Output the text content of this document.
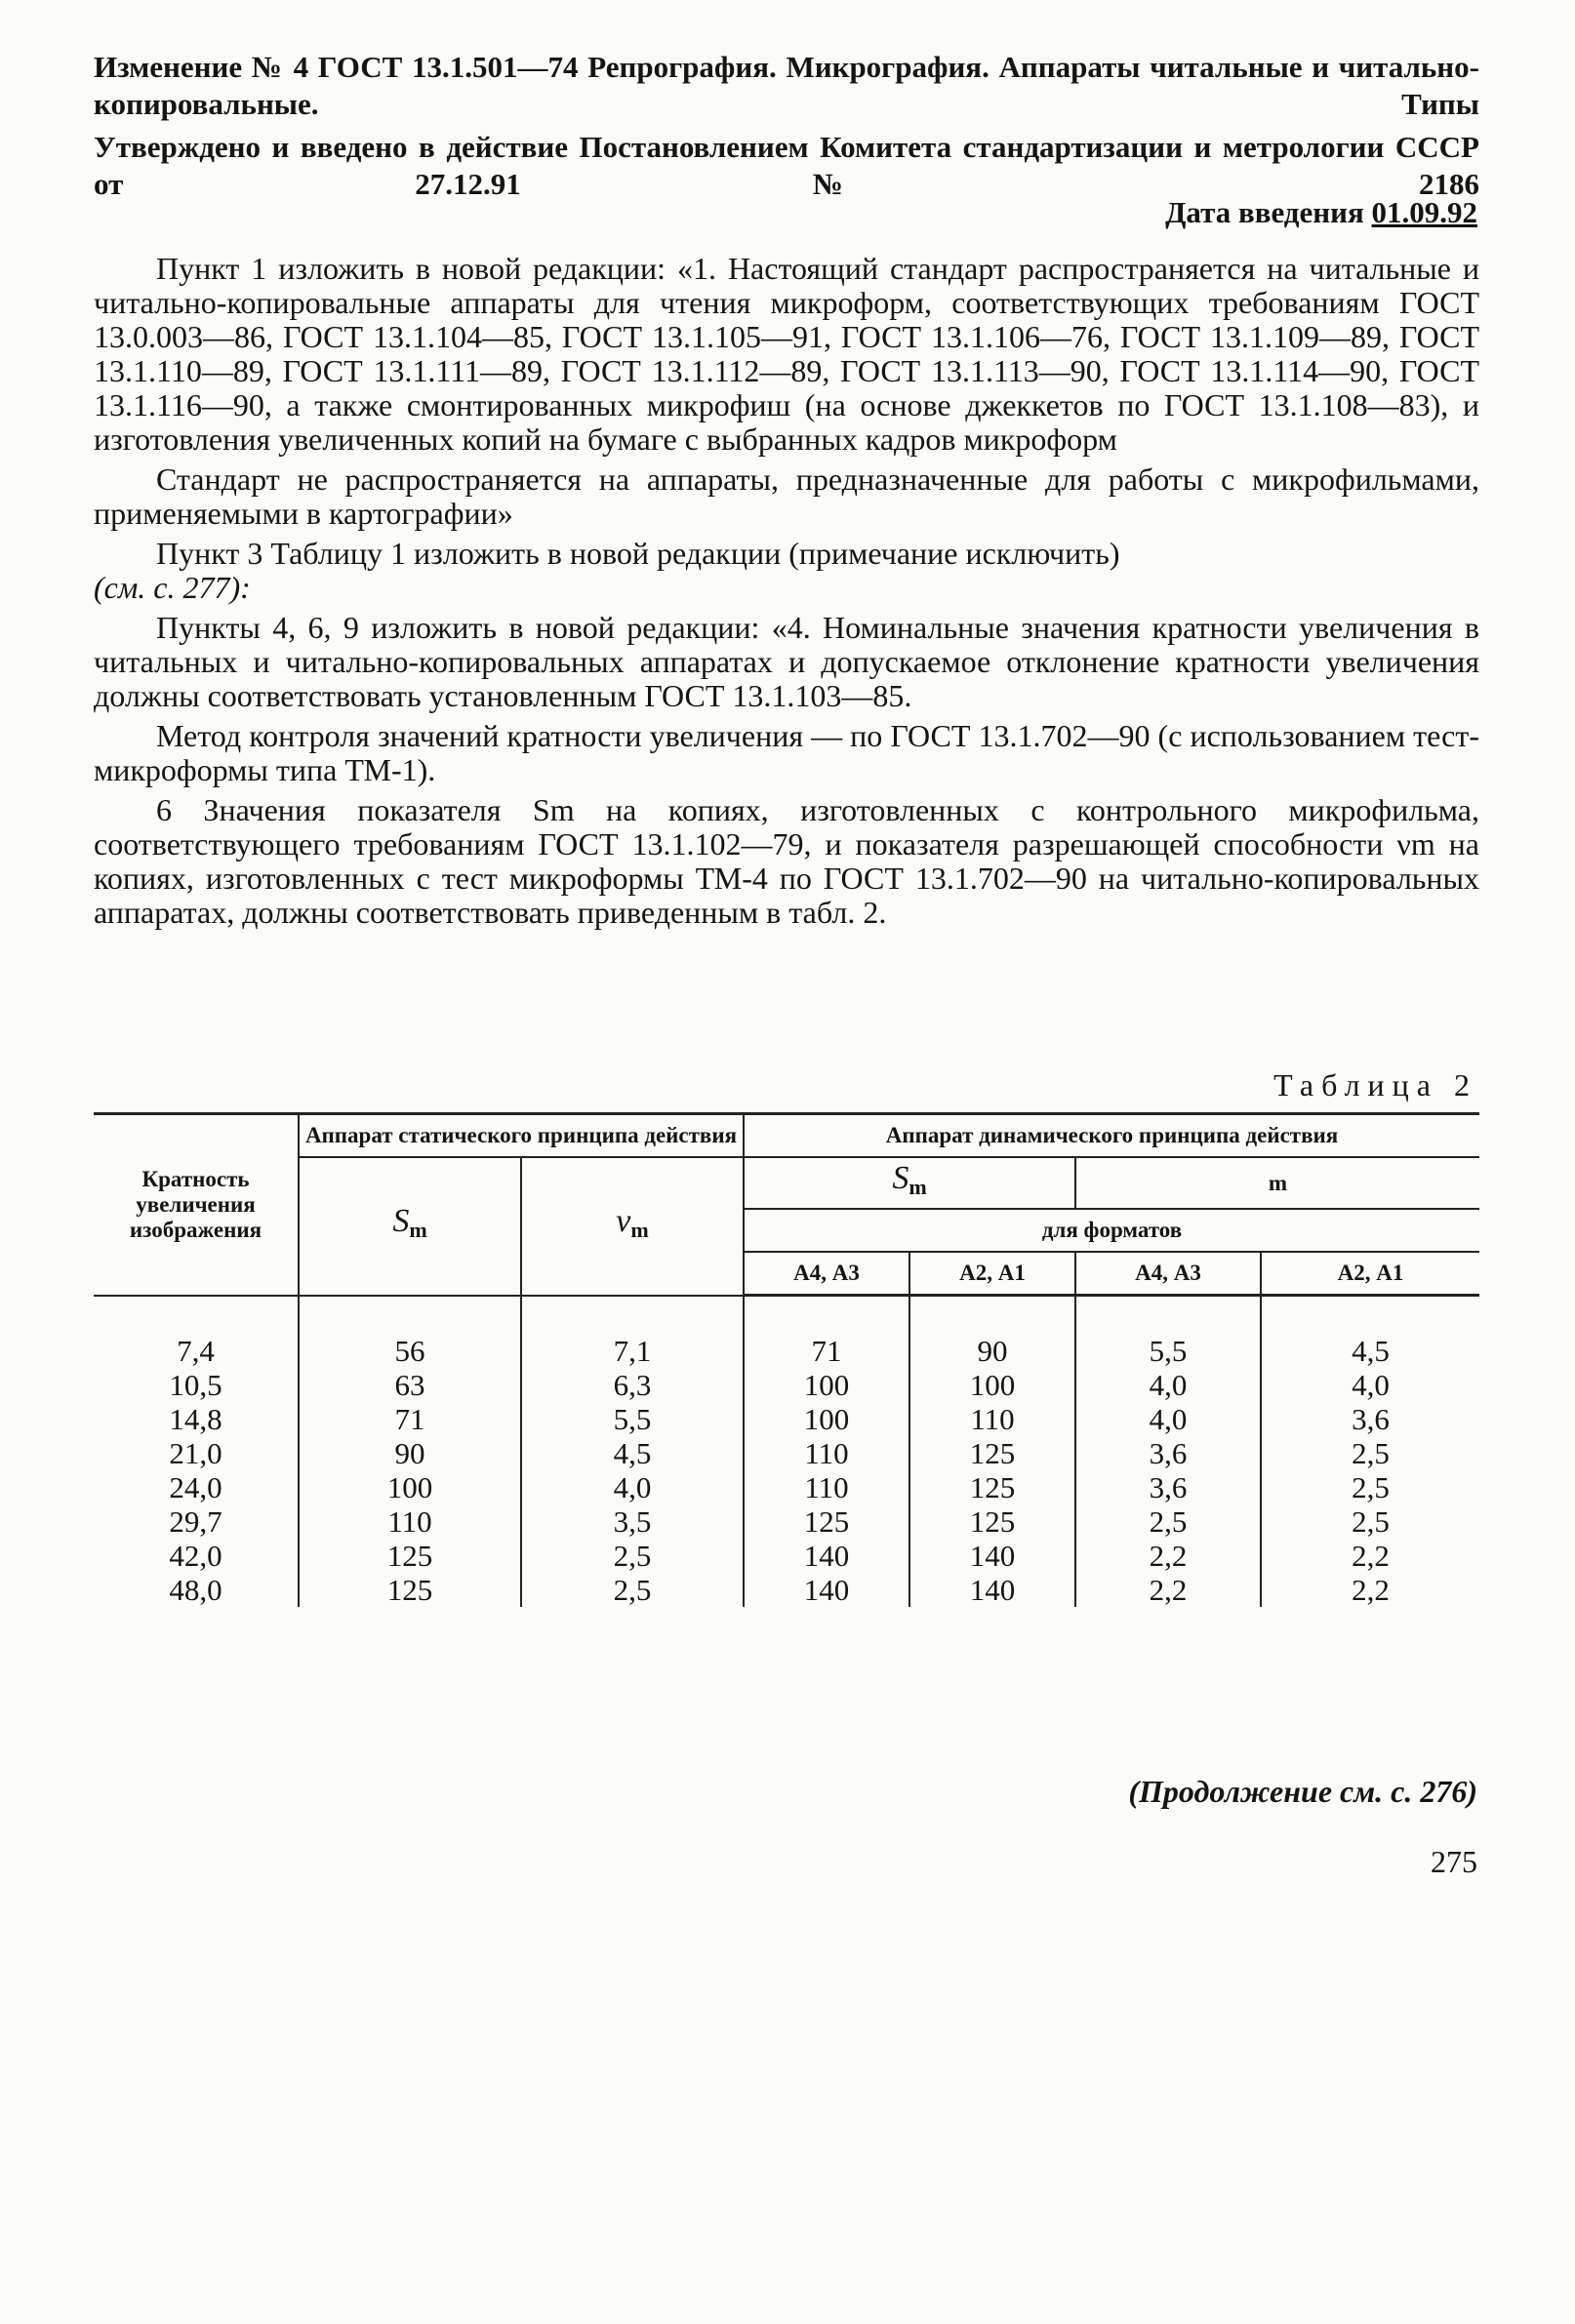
Изменение № 4 ГОСТ 13.1.501—74 Репрография. Микрография. Аппараты читальные и читально-копировальные. Типы
Утверждено и введено в действие Постановлением Комитета стандартизации и метрологии СССР от 27.12.91 № 2186
Дата введения 01.09.92

Пункт 1 изложить в новой редакции: «1. Настоящий стандарт распространяется на читальные и читально-копировальные аппараты для чтения микроформ, соответствующих требованиям ГОСТ 13.0.003—86, ГОСТ 13.1.104—85, ГОСТ 13.1.105—91, ГОСТ 13.1.106—76, ГОСТ 13.1.109—89, ГОСТ 13.1.110—89, ГОСТ 13.1.111—89, ГОСТ 13.1.112—89, ГОСТ 13.1.113—90, ГОСТ 13.1.114—90, ГОСТ 13.1.116—90, а также смонтированных микрофиш (на основе джеккетов по ГОСТ 13.1.108—83), и изготовления увеличенных копий на бумаге с выбранных кадров микроформ

Стандарт не распространяется на аппараты, предназначенные для работы с микрофильмами, применяемыми в картографии»

Пункт 3 Таблицу 1 изложить в новой редакции (примечание исключить)
(см. с. 277):

Пункты 4, 6, 9 изложить в новой редакции: «4. Номинальные значения кратности увеличения в читальных и читально-копировальных аппаратах и допускаемое отклонение кратности увеличения должны соответствовать установленным ГОСТ 13.1.103—85.

Метод контроля значений кратности увеличения — по ГОСТ 13.1.702—90 (с использованием тест-микроформы типа ТМ-1).

6 Значения показателя Sm на копиях, изготовленных с контрольного микрофильма, соответствующего требованиям ГОСТ 13.1.102—79, и показателя разрешающей способности νm на копиях, изготовленных с тест микроформы ТМ-4 по ГОСТ 13.1.702—90 на читально-копировальных аппаратах, должны соответствовать приведенным в табл. 2.

Таблица 2
Кратность увеличения изображения	Аппарат статического принципа действия		Аппарат динамического принципа действия			
	Sm	νm	Sm		m	
			для форматов			
			А4, А3	А2, А1	А4, А3	А2, А1
7,4	56	7,1	71	90	5,5	4,5
10,5	63	6,3	100	100	4,0	4,0
14,8	71	5,5	100	110	4,0	3,6
21,0	90	4,5	110	125	3,6	2,5
24,0	100	4,0	110	125	3,6	2,5
29,7	110	3,5	125	125	2,5	2,5
42,0	125	2,5	140	140	2,2	2,2
48,0	125	2,5	140	140	2,2	2,2
(Продолжение см. с. 276)
275
